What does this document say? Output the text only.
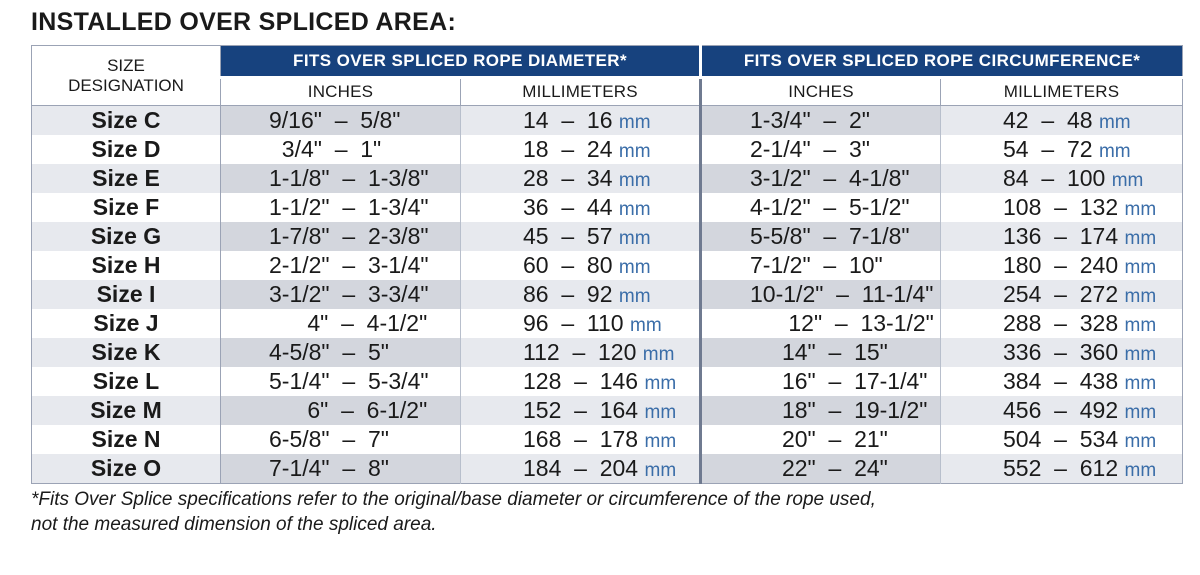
INSTALLED OVER SPLICED AREA:
SIZE
DESIGNATION	FITS OVER SPLICED ROPE DIAMETER*		FITS OVER SPLICED ROPE CIRCUMFERENCE*	
	INCHES	MILLIMETERS	INCHES	MILLIMETERS
Size C	9/16"  –  5/8"	14  –  16 mm	1-3/4"  –  2"	42  –  48 mm
Size D	3/4"  –  1"	18  –  24 mm	2-1/4"  –  3"	54  –  72 mm
Size E	1-1/8"  –  1-3/8"	28  –  34 mm	3-1/2"  –  4-1/8"	84  –  100 mm
Size F	1-1/2"  –  1-3/4"	36  –  44 mm	4-1/2"  –  5-1/2"	108  –  132 mm
Size G	1-7/8"  –  2-3/8"	45  –  57 mm	5-5/8"  –  7-1/8"	136  –  174 mm
Size H	2-1/2"  –  3-1/4"	60  –  80 mm	7-1/2"  –  10"	180  –  240 mm
Size I	3-1/2"  –  3-3/4"	86  –  92 mm	10-1/2"  –  11-1/4"	254  –  272 mm
Size J	4"  –  4-1/2"	96  –  110 mm	12"  –  13-1/2"	288  –  328 mm
Size K	4-5/8"  –  5"	112  –  120 mm	14"  –  15"	336  –  360 mm
Size L	5-1/4"  –  5-3/4"	128  –  146 mm	16"  –  17-1/4"	384  –  438 mm
Size M	6"  –  6-1/2"	152  –  164 mm	18"  –  19-1/2"	456  –  492 mm
Size N	6-5/8"  –  7"	168  –  178 mm	20"  –  21"	504  –  534 mm
Size O	7-1/4"  –  8"	184  –  204 mm	22"  –  24"	552  –  612 mm
*Fits Over Splice specifications refer to the original/base diameter or circumference of the rope used,
not the measured dimension of the spliced area.
